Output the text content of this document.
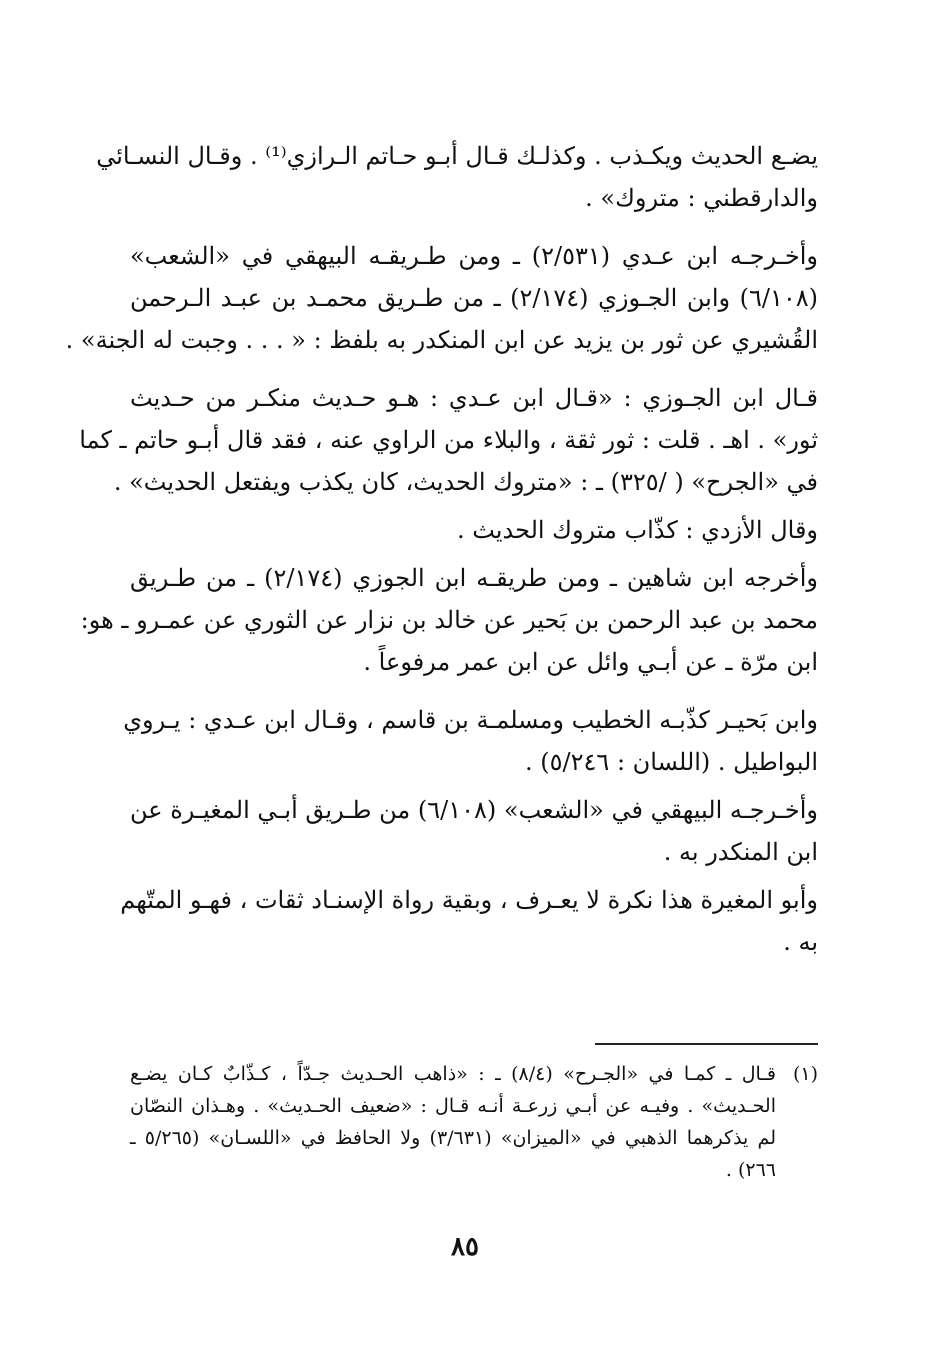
يضـع الحديث ويكـذب . وكذلـك قـال أبـو حـاتم الـرازي⁽¹⁾ . وقـال النسـائي
والدارقطني : متروك» .
وأخـرجـه ابن عـدي (٢/٥٣١) ـ ومن طـريقـه البيهقي في «الشعب»
(٦/١٠٨) وابن الجـوزي (٢/١٧٤) ـ من طـريق محمـد بن عبـد الـرحمن
القُشيري عن ثور بن يزيد عن ابن المنكدر به بلفظ : « . . . وجبت له الجنة» .
قـال ابن الجـوزي : «قـال ابن عـدي : هـو حـديث منكـر من حـديث
ثور» . اهـ . قلت : ثور ثقة ، والبلاء من الراوي عنه ، فقد قال أبـو حاتم ـ كما
في «الجرح» ( /٣٢٥) ـ : «متروك الحديث، كان يكذب ويفتعل الحديث» .
وقال الأزدي : كذّاب متروك الحديث .
وأخرجه ابن شاهين ـ ومن طريقـه ابن الجوزي (٢/١٧٤) ـ من طـريق
محمد بن عبد الرحمن بن بَحير عن خالد بن نزار عن الثوري عن عمـرو ـ هو:
ابن مرّة ـ عن أبـي وائل عن ابن عمر مرفوعاً .
وابن بَحيـر كذّبـه الخطيب ومسلمـة بن قاسم ، وقـال ابن عـدي : يـروي
البواطيل . (اللسان : ٥/٢٤٦) .
وأخـرجـه البيهقي في «الشعب» (٦/١٠٨) من طـريق أبـي المغيـرة عن
ابن المنكدر به .
وأبو المغيرة هذا نكرة لا يعـرف ، وبقية رواة الإسنـاد ثقات ، فهـو المتّهم
به .
(١)قـال ـ كمـا في «الجـرح» (٨/٤) ـ : «ذاهب الحـديث جـدّاً ، كـذّابٌ كـان يضـع
الحـديث» . وفيـه عن أبـي زرعـة أنـه قـال : «ضعيف الحـديث» . وهـذان النصّان
لم يذكرهما الذهبي في «الميزان» (٣/٦٣١) ولا الحافظ في «اللسـان» (٥/٢٦٥ ـ
٢٦٦) .
٨٥
